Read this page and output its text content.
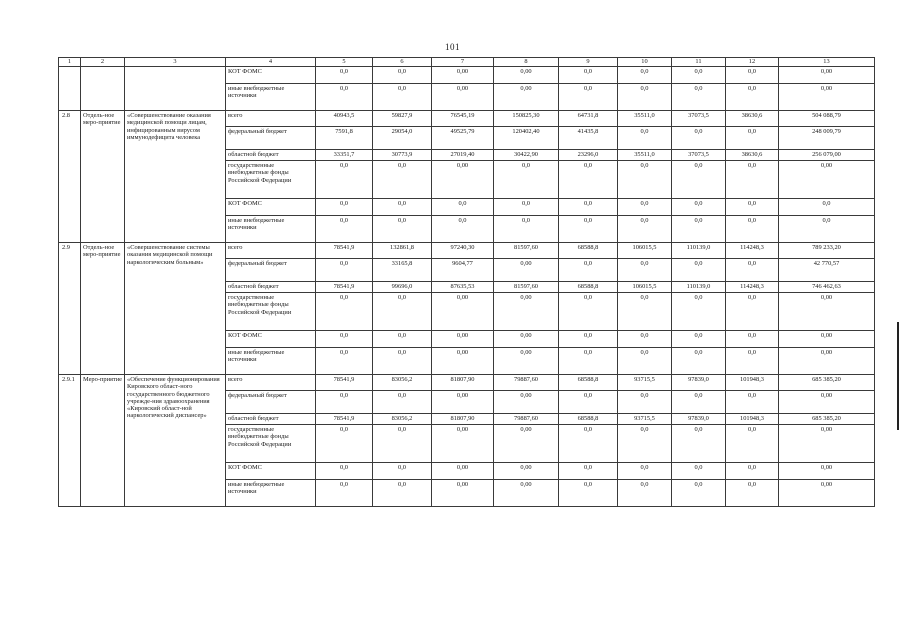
101
1	2	3	4	5	6	7	8	9	10	11	12	13
			КОТ ФОМС	0,0	0,0	0,00	0,00	0,0	0,0	0,0	0,0	0,00
			иные внебюджетные источники	0,0	0,0	0,00	0,00	0,0	0,0	0,0	0,0	0,00
2.8	Отдель-ное меро-приятие	«Совершенствование оказания медицинской помощи лицам, инфицированным вирусом иммунодефицита человека	всего	40943,5	59827,9	76545,19	150825,30	64731,8	35511,0	37073,5	38630,6	504 088,79
			федеральный бюджет	7591,8	29054,0	49525,79	120402,40	41435,8	0,0	0,0	0,0	248 009,79
			областной бюджет	33351,7	30773,9	27019,40	30422,90	23296,0	35511,0	37073,5	38630,6	256 079,00
			государственные внебюджетные фонды Российской Федерации	0,0	0,0	0,00	0,0	0,0	0,0	0,0	0,0	0,00
			КОТ ФОМС	0,0	0,0	0,0	0,0	0,0	0,0	0,0	0,0	0,0
			иные внебюджетные источники	0,0	0,0	0,0	0,0	0,0	0,0	0,0	0,0	0,0
2.9	Отдель-ное меро-приятие	«Совершенствование системы оказания медицинской помощи наркологическим больным»	всего	78541,9	132861,8	97240,30	81597,60	68588,8	106015,5	110139,0	114248,3	789 233,20
			федеральный бюджет	0,0	33165,8	9604,77	0,00	0,0	0,0	0,0	0,0	42 770,57
			областной бюджет	78541,9	99696,0	87635,53	81597,60	68588,8	106015,5	110139,0	114248,3	746 462,63
			государственные внебюджетные фонды Российской Федерации	0,0	0,0	0,00	0,00	0,0	0,0	0,0	0,0	0,00
			КОТ ФОМС	0,0	0,0	0,00	0,00	0,0	0,0	0,0	0,0	0,00
			иные внебюджетные источники	0,0	0,0	0,00	0,00	0,0	0,0	0,0	0,0	0,00
2.9.1	Меро-приятие	«Обеспечение функционирования Кировского област-ного государственного бюджетного учрежде-ния здравоохранения «Кировский област-ной наркологический диспансер»	всего	78541,9	83056,2	81807,90	79887,60	68588,8	93715,5	97839,0	101948,3	685 385,20
			федеральный бюджет	0,0	0,0	0,00	0,00	0,0	0,0	0,0	0,0	0,00
			областной бюджет	78541,9	83056,2	81807,90	79887,60	68588,8	93715,5	97839,0	101948,3	685 385,20
			государственные внебюджетные фонды Российской Федерации	0,0	0,0	0,00	0,00	0,0	0,0	0,0	0,0	0,00
			КОТ ФОМС	0,0	0,0	0,00	0,00	0,0	0,0	0,0	0,0	0,00
			иные внебюджетные источники	0,0	0,0	0,00	0,00	0,0	0,0	0,0	0,0	0,00
